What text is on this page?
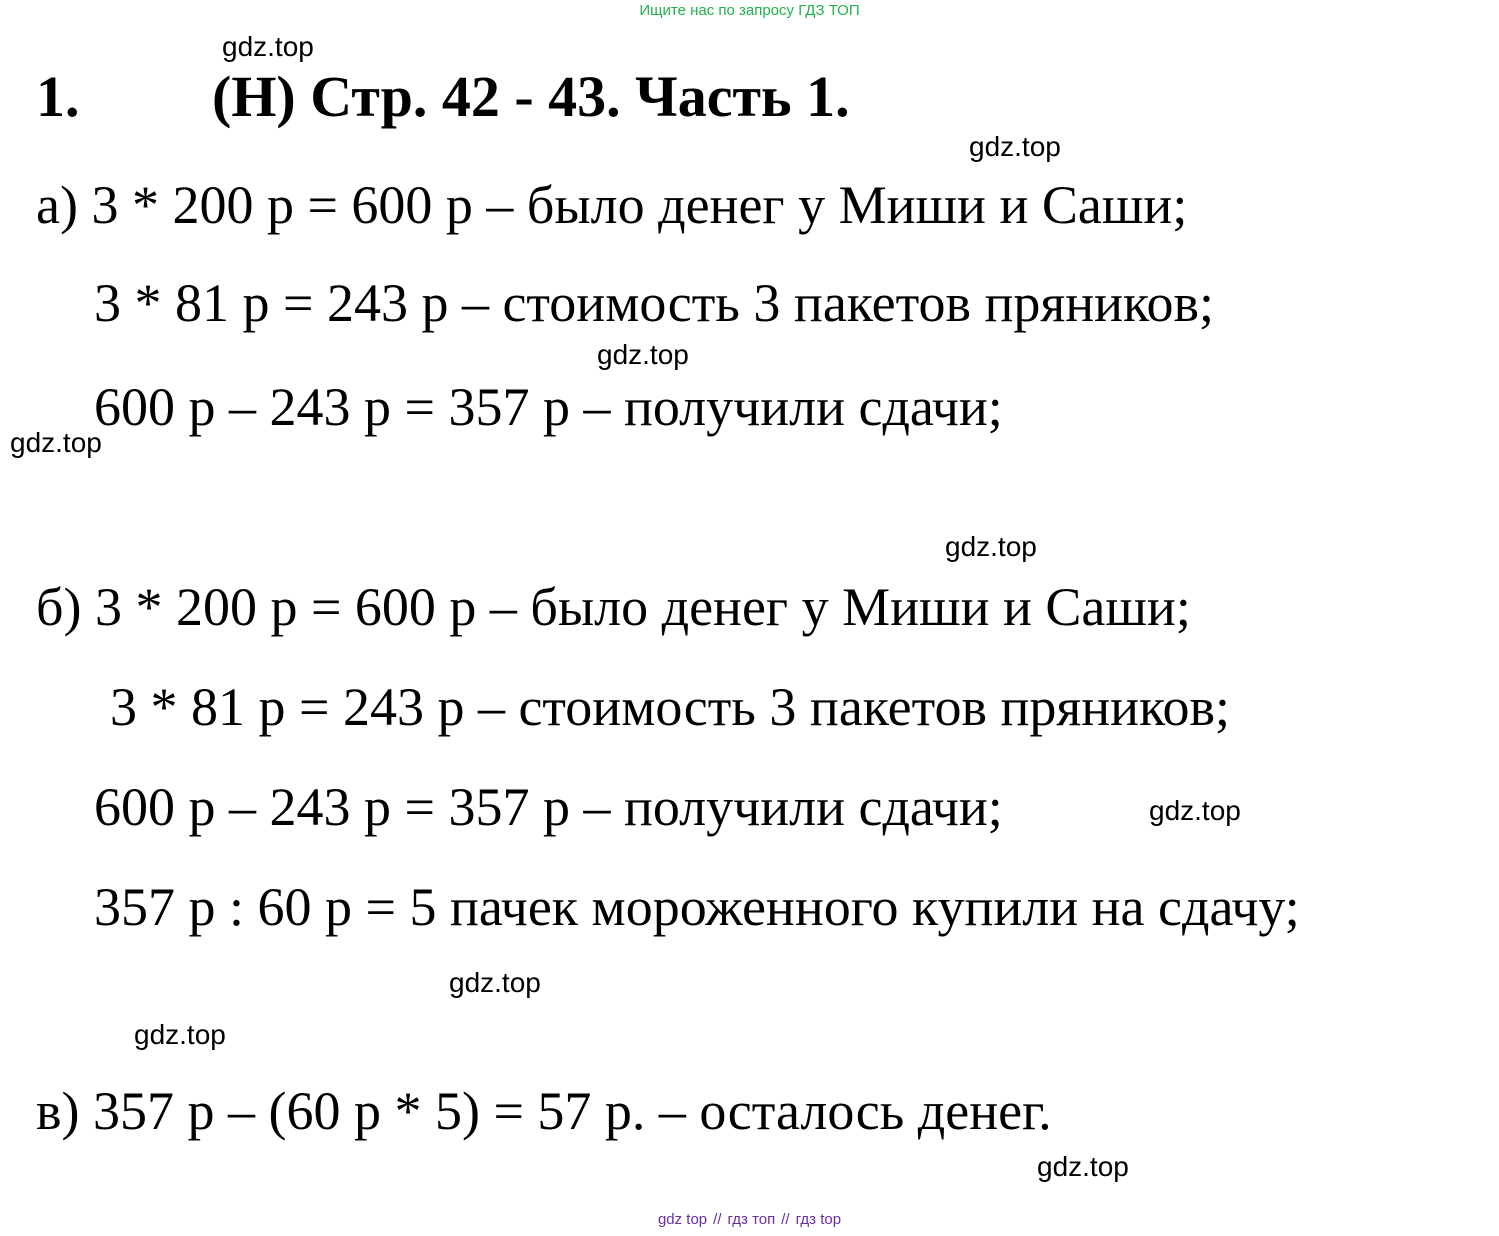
Ищите нас по запросу ГДЗ ТОП
1. (Н) Стр. 42 - 43. Часть 1.
а) 3 * 200 р = 600 р – было денег у Миши и Саши;
3 * 81 р = 243 р – стоимость 3 пакетов пряников;
600 р – 243 р = 357 р – получили сдачи;
б) 3 * 200 р = 600 р – было денег у Миши и Саши;
3 * 81 р = 243 р – стоимость 3 пакетов пряников;
600 р – 243 р = 357 р – получили сдачи;
357 р : 60 р = 5 пачек мороженного купили на сдачу;
в) 357 р – (60 р * 5) = 57 р. – осталось денег.
gdz.top
gdz.top
gdz.top
gdz.top
gdz.top
gdz.top
gdz.top
gdz.top
gdz.top
gdz top // гдз топ // гдз top
